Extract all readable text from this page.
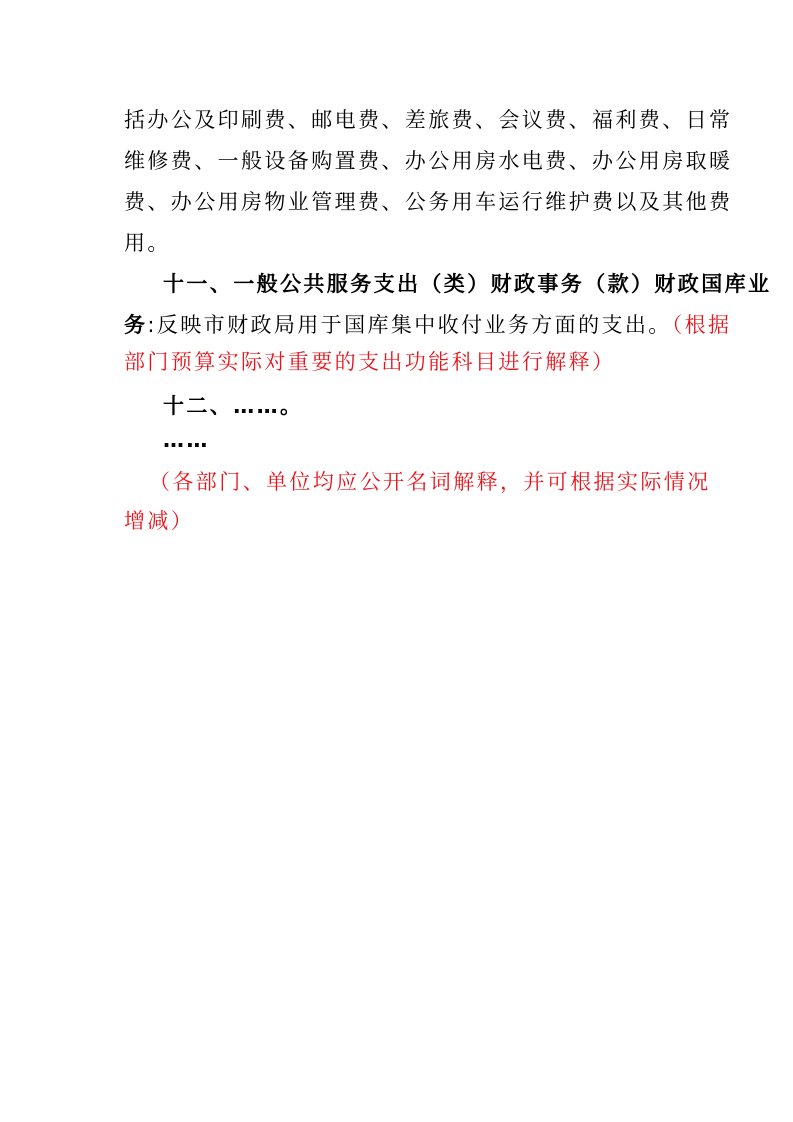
括办公及印刷费、邮电费、差旅费、会议费、福利费、日常
维修费、一般设备购置费、办公用房水电费、办公用房取暖
费、办公用房物业管理费、公务用车运行维护费以及其他费
用。
十一、一般公共服务支出（类）财政事务（款）财政国库业
务:反映市财政局用于国库集中收付业务方面的支出。（根据
部门预算实际对重要的支出功能科目进行解释）
十二、……。
……
（各部门、单位均应公开名词解释，并可根据实际情况
增减）
